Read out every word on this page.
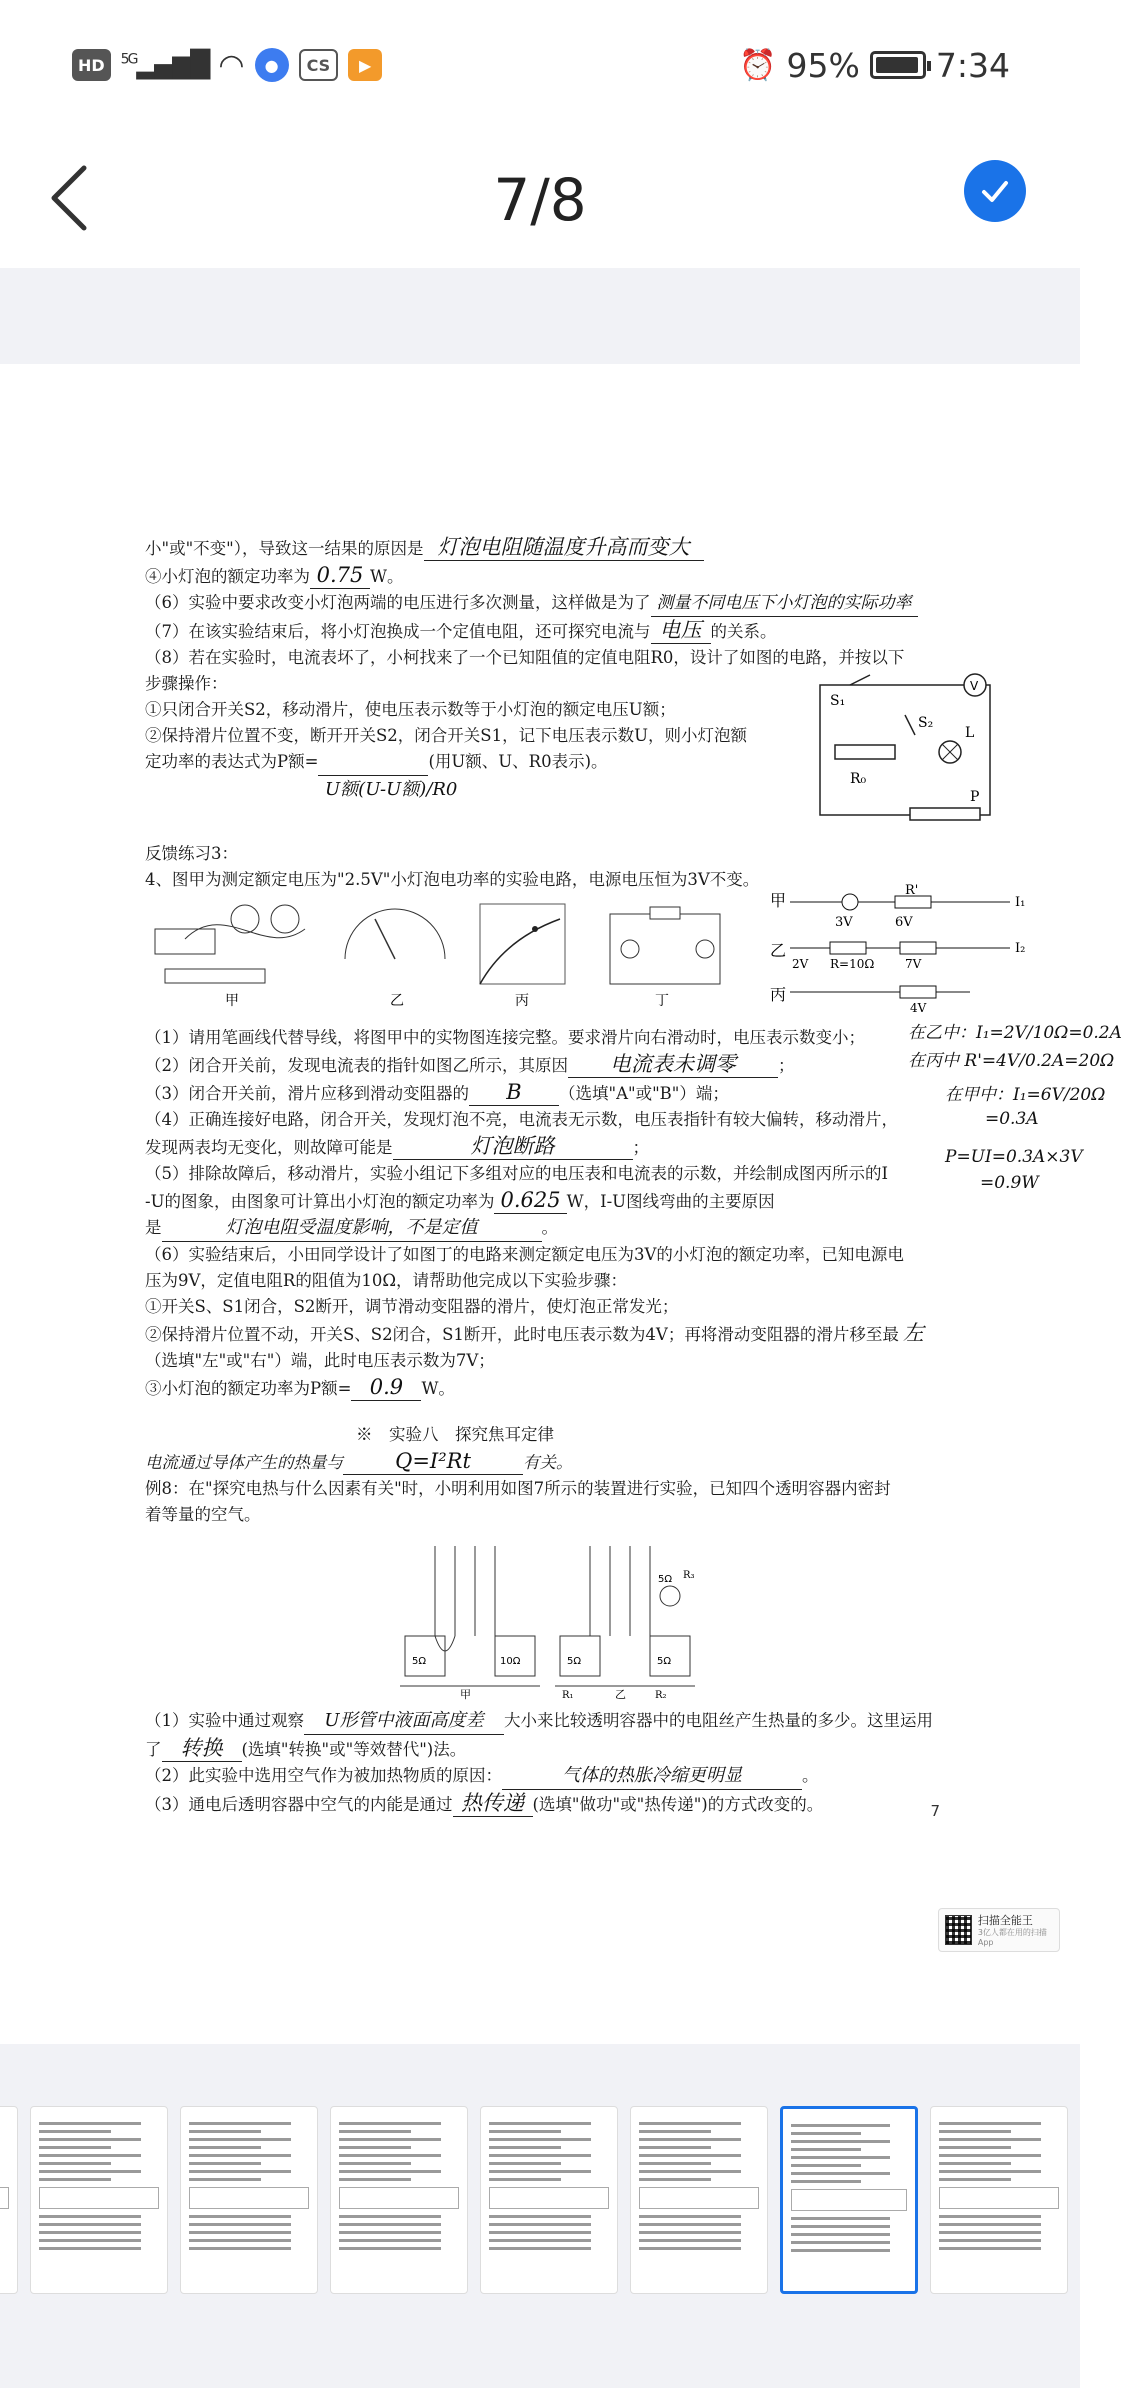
HD	$^{5G}$▂▄▆█ ◠	●	CS	▶	⏰ 95% 7:34
7/8
小"或"不变"），导致这一结果的原因是 灯泡电阻随温度升高而变大
④小灯泡的额定功率为 0.75 W。
（6）实验中要求改变小灯泡两端的电压进行多次测量，这样做是为了 测量不同电压下小灯泡的实际功率
（7）在该实验结束后，将小灯泡换成一个定值电阻，还可探究电流与 电压 的关系。
（8）若在实验时，电流表坏了，小柯找来了一个已知阻值的定值电阻R0，设计了如图的电路，并按以下
步骤操作：
①只闭合开关S2，移动滑片，使电压表示数等于小灯泡的额定电压U额；
②保持滑片位置不变，断开开关S2，闭合开关S1，记下电压表示数U，则小灯泡额
定功率的表达式为P额=	(用U额、U、R0表示)。
U额(U-U额)/R0
V
S₁
S₂
R₀
L
P
反馈练习3：
4、图甲为测定额定电压为"2.5V"小灯泡电功率的实验电路，电源电压恒为3V不变。
甲	乙	丙	丁
（1）请用笔画线代替导线，将图甲中的实物图连接完整。要求滑片向右滑动时，电压表示数变小；
（2）闭合开关前，发现电流表的指针如图乙所示，其原因 电流表未调零	；
（3）闭合开关前，滑片应移到滑动变阻器的 B （选填"A"或"B"）端；
（4）正确连接好电路，闭合开关，发现灯泡不亮，电流表无示数，电压表指针有较大偏转，移动滑片，
发现两表均无变化，则故障可能是	灯泡断路	；
（5）排除故障后，移动滑片，实验小组记下多组对应的电压表和电流表的示数，并绘制成图丙所示的I
-U的图象，由图象可计算出小灯泡的额定功率为 0.625 W，I-U图线弯曲的主要原因
是	灯泡电阻受温度影响，不是定值	。
（6）实验结束后，小田同学设计了如图丁的电路来测定额定电压为3V的小灯泡的额定功率，已知电源电
压为9V，定值电阻R的阻值为10Ω，请帮助他完成以下实验步骤：
①开关S、S1闭合，S2断开，调节滑动变阻器的滑片，使灯泡正常发光；
②保持滑片位置不动，开关S、S2闭合，S1断开，此时电压表示数为4V；再将滑动变阻器的滑片移至最 左
（选填"左"或"右"）端，此时电压表示数为7V；
③小灯泡的额定功率为P额= 0.9 W。
※　实验八　探究焦耳定律
电流通过导体产生的热量与 Q=I²Rt	有关。
例8：在"探究电热与什么因素有关"时，小明利用如图7所示的装置进行实验，已知四个透明容器内密封
着等量的空气。
5Ω	10Ω	5Ω	5Ω
5Ω
甲	乙
R₁	R₂
R₃
（1）实验中通过观察 U形管中液面高度差 大小来比较透明容器中的电阻丝产生热量的多少。这里运用
了 转换 (选填"转换"或"等效替代")法。
（2）此实验中选用空气作为被加热物质的原因：	气体的热胀冷缩更明显	。
（3）通电后透明容器中空气的内能是通过 热传递 (选填"做功"或"热传递")的方式改变的。
在乙中：I₁=2V/10Ω=0.2A
在丙中 R'=4V/0.2A=20Ω
在甲中：I₁=6V/20Ω
=0.3A
P=UI=0.3A×3V
=0.9W
甲
乙
丙
3V	6V
R'
2V R=10Ω	7V
4V
I₁
I₂
7
扫描全能王
3亿人都在用的扫描App
